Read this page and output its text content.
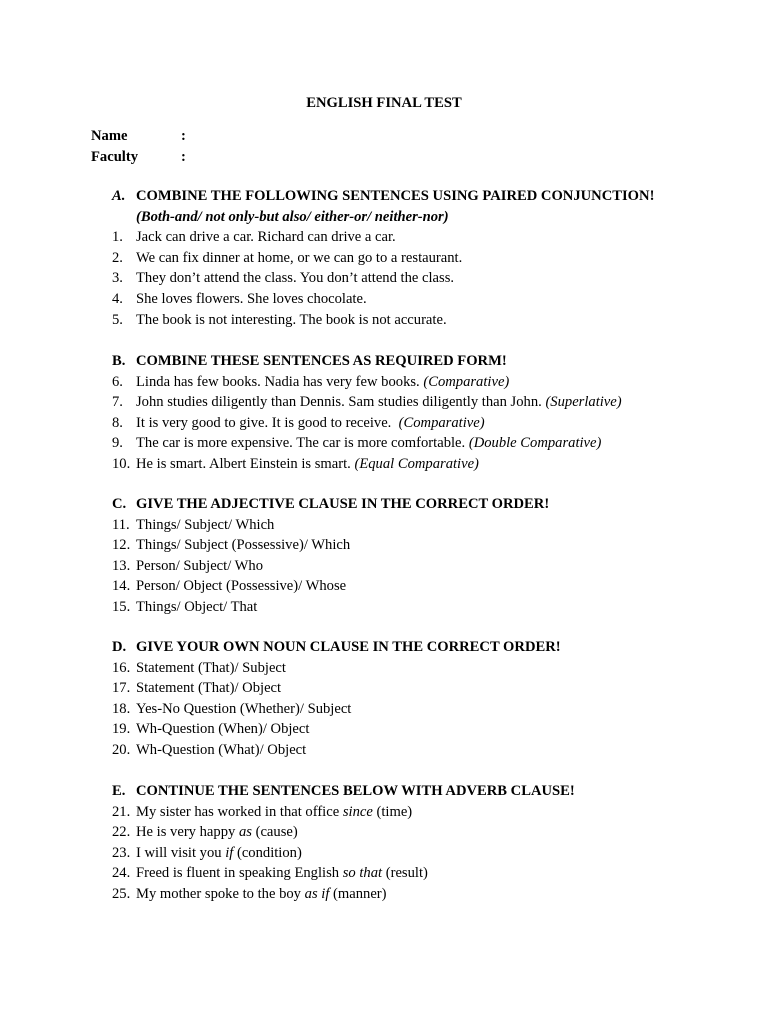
ENGLISH FINAL TEST
Name	:
Faculty	:
A. COMBINE THE FOLLOWING SENTENCES USING PAIRED CONJUNCTION!
(Both-and/ not only-but also/ either-or/ neither-nor)
1. Jack can drive a car. Richard can drive a car.
2. We can fix dinner at home, or we can go to a restaurant.
3. They don’t attend the class. You don’t attend the class.
4. She loves flowers. She loves chocolate.
5. The book is not interesting. The book is not accurate.
B. COMBINE THESE SENTENCES AS REQUIRED FORM!
6. Linda has few books. Nadia has very few books. (Comparative)
7. John studies diligently than Dennis. Sam studies diligently than John. (Superlative)
8. It is very good to give. It is good to receive.  (Comparative)
9. The car is more expensive. The car is more comfortable. (Double Comparative)
10. He is smart. Albert Einstein is smart. (Equal Comparative)
C. GIVE THE ADJECTIVE CLAUSE IN THE CORRECT ORDER!
11. Things/ Subject/ Which
12. Things/ Subject (Possessive)/ Which
13. Person/ Subject/ Who
14. Person/ Object (Possessive)/ Whose
15. Things/ Object/ That
D. GIVE YOUR OWN NOUN CLAUSE IN THE CORRECT ORDER!
16. Statement (That)/ Subject
17. Statement (That)/ Object
18. Yes-No Question (Whether)/ Subject
19. Wh-Question (When)/ Object
20. Wh-Question (What)/ Object
E. CONTINUE THE SENTENCES BELOW WITH ADVERB CLAUSE!
21. My sister has worked in that office since (time)
22. He is very happy as (cause)
23. I will visit you if (condition)
24. Freed is fluent in speaking English so that (result)
25. My mother spoke to the boy as if (manner)
